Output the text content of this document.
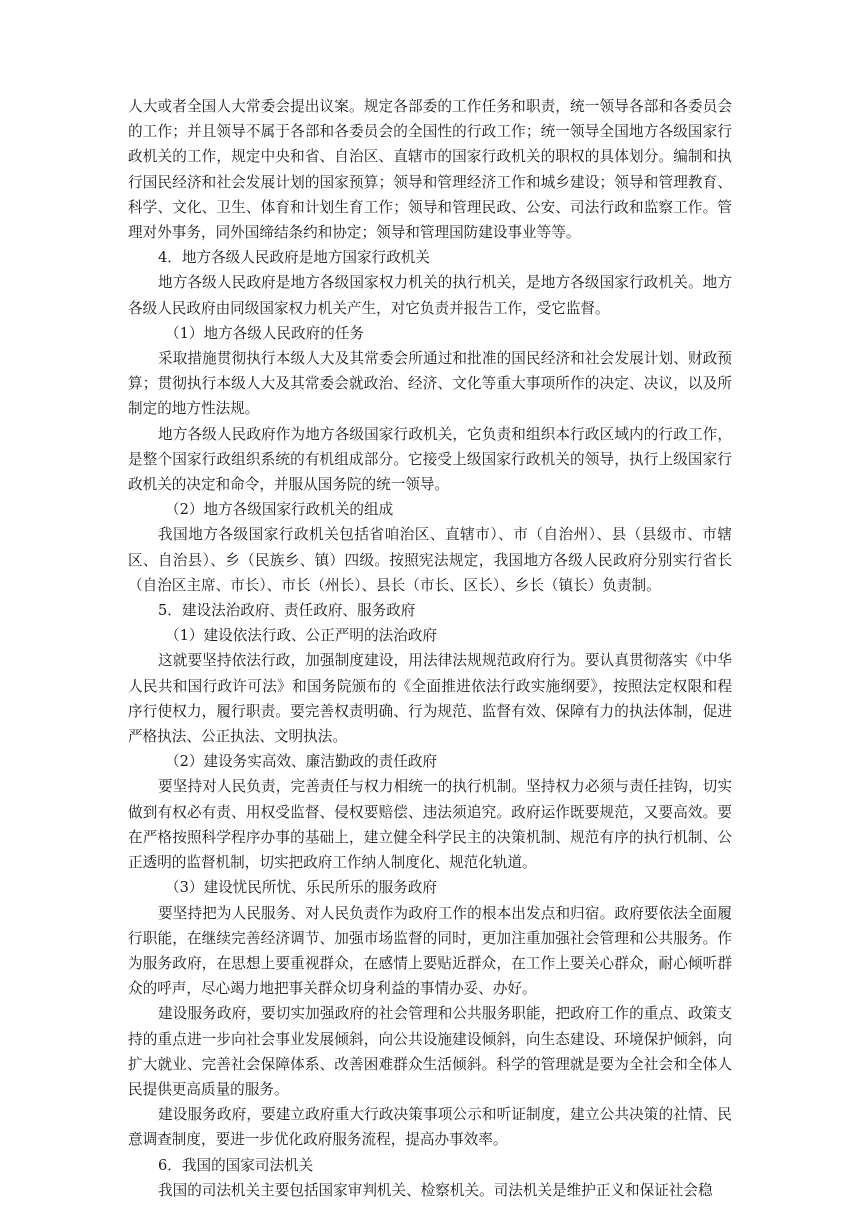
人大或者全国人大常委会提出议案。规定各部委的工作任务和职责，统一领导各部和各委员会的工作；并且领导不属于各部和各委员会的全国性的行政工作；统一领导全国地方各级国家行政机关的工作，规定中央和省、自治区、直辖市的国家行政机关的职权的具体划分。编制和执行国民经济和社会发展计划的国家预算；领导和管理经济工作和城乡建设；领导和管理教育、科学、文化、卫生、体育和计划生育工作；领导和管理民政、公安、司法行政和监察工作。管理对外事务，同外国缔结条约和协定；领导和管理国防建设事业等等。

4．地方各级人民政府是地方国家行政机关

地方各级人民政府是地方各级国家权力机关的执行机关，是地方各级国家行政机关。地方各级人民政府由同级国家权力机关产生，对它负责并报告工作，受它监督。

（1）地方各级人民政府的任务

采取措施贯彻执行本级人大及其常委会所通过和批准的国民经济和社会发展计划、财政预算；贯彻执行本级人大及其常委会就政治、经济、文化等重大事项所作的决定、决议，以及所制定的地方性法规。

地方各级人民政府作为地方各级国家行政机关，它负责和组织本行政区域内的行政工作，是整个国家行政组织系统的有机组成部分。它接受上级国家行政机关的领导，执行上级国家行政机关的决定和命令，并服从国务院的统一领导。

（2）地方各级国家行政机关的组成

我国地方各级国家行政机关包括省咱治区、直辖市）、市（自治州）、县（县级市、市辖区、自治县）、乡（民族乡、镇）四级。按照宪法规定，我国地方各级人民政府分别实行省长（自治区主席、市长）、市长（州长）、县长（市长、区长）、乡长（镇长）负责制。

5．建设法治政府、责任政府、服务政府

（1）建设依法行政、公正严明的法治政府

这就要坚持依法行政，加强制度建设，用法律法规规范政府行为。要认真贯彻落实《中华人民共和国行政许可法》和国务院颁布的《全面推进依法行政实施纲要》，按照法定权限和程序行使权力，履行职责。要完善权责明确、行为规范、监督有效、保障有力的执法体制，促进严格执法、公正执法、文明执法。

（2）建设务实高效、廉洁勤政的责任政府

要坚持对人民负责，完善责任与权力相统一的执行机制。坚持权力必须与责任挂钩，切实做到有权必有责、用权受监督、侵权要赔偿、违法须追究。政府运作既要规范，又要高效。要在严格按照科学程序办事的基础上，建立健全科学民主的决策机制、规范有序的执行机制、公正透明的监督机制，切实把政府工作纳人制度化、规范化轨道。

（3）建设忧民所忧、乐民所乐的服务政府

要坚持把为人民服务、对人民负责作为政府工作的根本出发点和归宿。政府要依法全面履行职能，在继续完善经济调节、加强市场监督的同时，更加注重加强社会管理和公共服务。作为服务政府，在思想上要重视群众，在感情上要贴近群众，在工作上要关心群众，耐心倾听群众的呼声，尽心竭力地把事关群众切身利益的事情办妥、办好。

建设服务政府，要切实加强政府的社会管理和公共服务职能，把政府工作的重点、政策支持的重点进一步向社会事业发展倾斜，向公共设施建设倾斜，向生态建设、环境保护倾斜，向扩大就业、完善社会保障体系、改善困难群众生活倾斜。科学的管理就是要为全社会和全体人民提供更高质量的服务。

建设服务政府，要建立政府重大行政决策事项公示和听证制度，建立公共决策的社情、民意调查制度，要进一步优化政府服务流程，提高办事效率。

6．我国的国家司法机关

我国的司法机关主要包括国家审判机关、检察机关。司法机关是维护正义和保证社会稳
